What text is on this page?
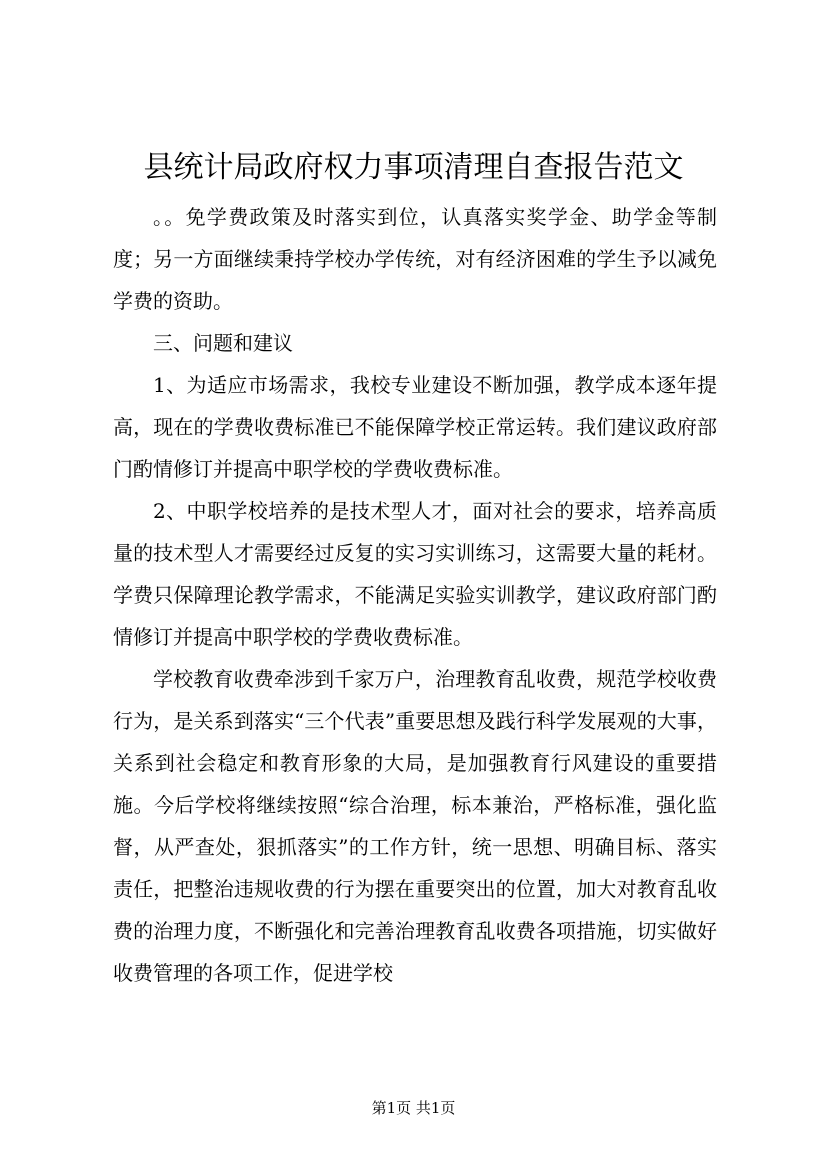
县统计局政府权力事项清理自查报告范文

。。免学费政策及时落实到位，认真落实奖学金、助学金等制度；另一方面继续秉持学校办学传统，对有经济困难的学生予以减免学费的资助。

三、问题和建议

1、为适应市场需求，我校专业建设不断加强，教学成本逐年提高，现在的学费收费标准已不能保障学校正常运转。我们建议政府部门酌情修订并提高中职学校的学费收费标准。

2、中职学校培养的是技术型人才，面对社会的要求，培养高质量的技术型人才需要经过反复的实习实训练习，这需要大量的耗材。学费只保障理论教学需求，不能满足实验实训教学，建议政府部门酌情修订并提高中职学校的学费收费标准。

学校教育收费牵涉到千家万户，治理教育乱收费，规范学校收费行为，是关系到落实“三个代表”重要思想及践行科学发展观的大事，关系到社会稳定和教育形象的大局，是加强教育行风建设的重要措施。今后学校将继续按照“综合治理，标本兼治，严格标准，强化监督，从严查处，狠抓落实”的工作方针，统一思想、明确目标、落实责任，把整治违规收费的行为摆在重要突出的位置，加大对教育乱收费的治理力度，不断强化和完善治理教育乱收费各项措施，切实做好收费管理的各项工作，促进学校

第1页 共1页
